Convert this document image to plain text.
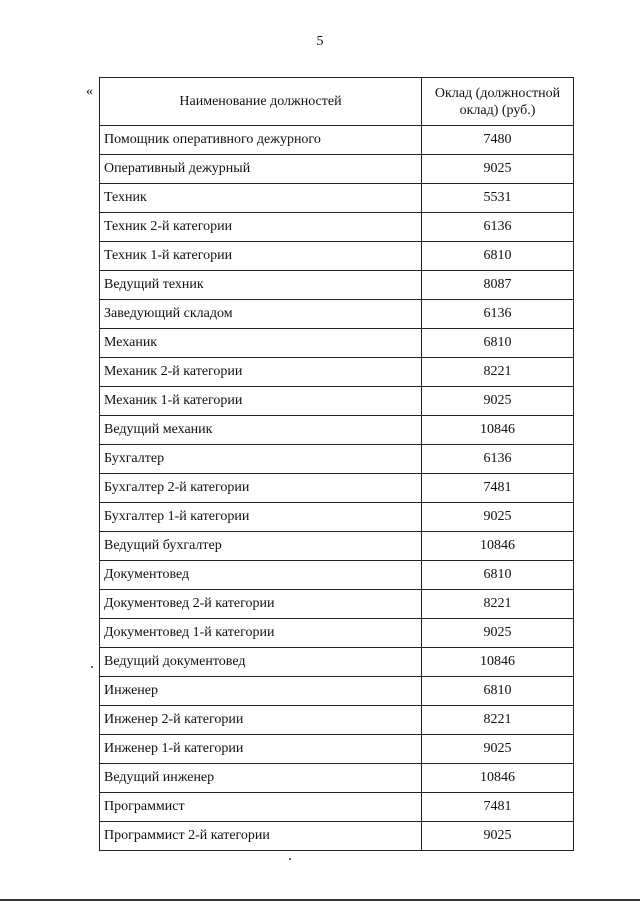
5
«
Наименование должностей	Оклад (должностной оклад) (руб.)
Помощник оперативного дежурного	7480
Оперативный дежурный	9025
Техник	5531
Техник 2-й категории	6136
Техник 1-й категории	6810
Ведущий техник	8087
Заведующий складом	6136
Механик	6810
Механик 2-й категории	8221
Механик 1-й категории	9025
Ведущий механик	10846
Бухгалтер	6136
Бухгалтер 2-й категории	7481
Бухгалтер 1-й категории	9025
Ведущий бухгалтер	10846
Документовед	6810
Документовед 2-й категории	8221
Документовед 1-й категории	9025
Ведущий документовед	10846
Инженер	6810
Инженер 2-й категории	8221
Инженер 1-й категории	9025
Ведущий инженер	10846
Программист	7481
Программист 2-й категории	9025
